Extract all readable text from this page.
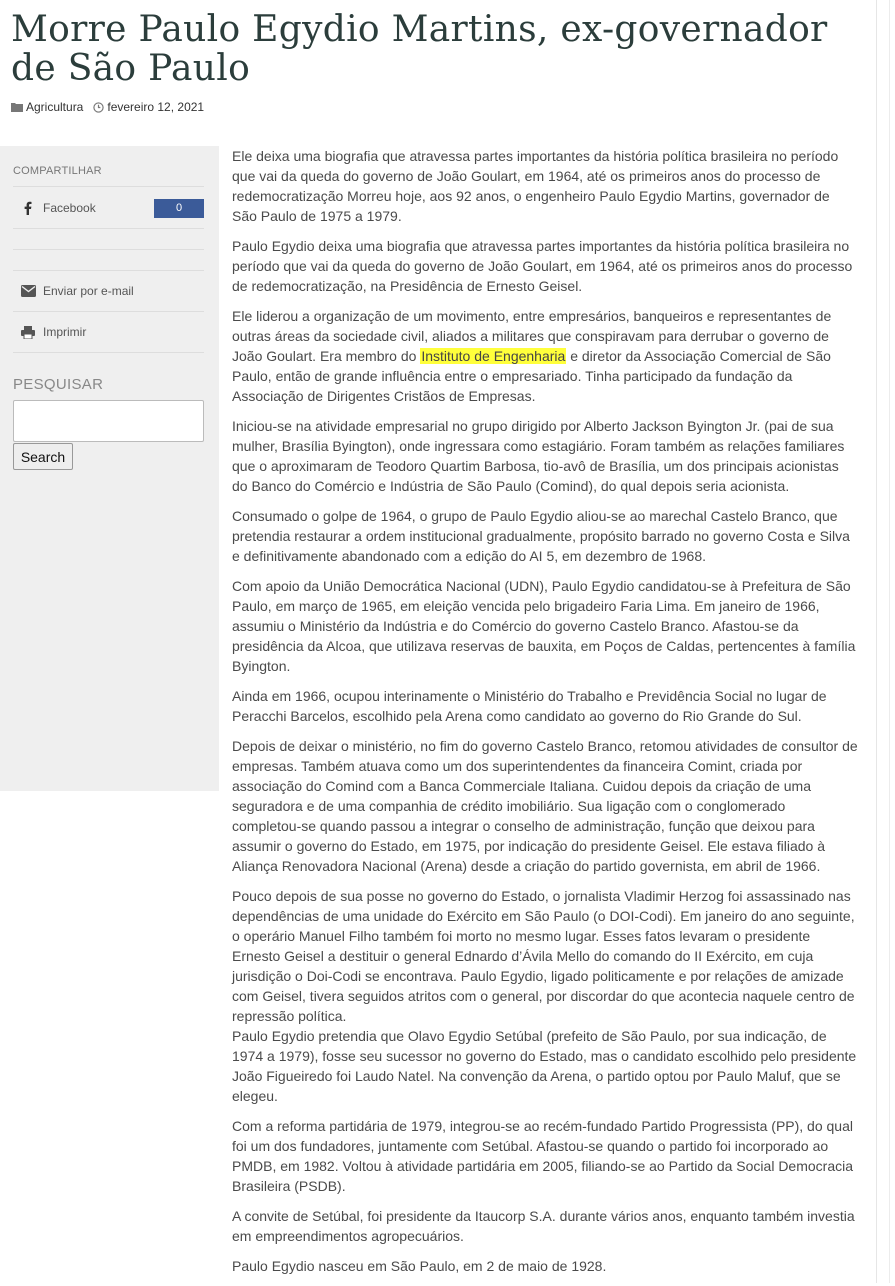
Morre Paulo Egydio Martins, ex-governador de São Paulo
Agricultura fevereiro 12, 2021
COMPARTILHAR
Facebook	0
Enviar por e-mail
Imprimir
PESQUISAR
Search

Ele deixa uma biografia que atravessa partes importantes da história política brasileira no período que vai da queda do governo de João Goulart, em 1964, até os primeiros anos do processo de redemocratização Morreu hoje, aos 92 anos, o engenheiro Paulo Egydio Martins, governador de São Paulo de 1975 a 1979.

Paulo Egydio deixa uma biografia que atravessa partes importantes da história política brasileira no período que vai da queda do governo de João Goulart, em 1964, até os primeiros anos do processo de redemocratização, na Presidência de Ernesto Geisel.

Ele liderou a organização de um movimento, entre empresários, banqueiros e representantes de outras áreas da sociedade civil, aliados a militares que conspiravam para derrubar o governo de João Goulart. Era membro do Instituto de Engenharia e diretor da Associação Comercial de São Paulo, então de grande influência entre o empresariado. Tinha participado da fundação da Associação de Dirigentes Cristãos de Empresas.

Iniciou-se na atividade empresarial no grupo dirigido por Alberto Jackson Byington Jr. (pai de sua mulher, Brasília Byington), onde ingressara como estagiário. Foram também as relações familiares que o aproximaram de Teodoro Quartim Barbosa, tio-avô de Brasília, um dos principais acionistas do Banco do Comércio e Indústria de São Paulo (Comind), do qual depois seria acionista.

Consumado o golpe de 1964, o grupo de Paulo Egydio aliou-se ao marechal Castelo Branco, que pretendia restaurar a ordem institucional gradualmente, propósito barrado no governo Costa e Silva e definitivamente abandonado com a edição do AI 5, em dezembro de 1968.

Com apoio da União Democrática Nacional (UDN), Paulo Egydio candidatou-se à Prefeitura de São Paulo, em março de 1965, em eleição vencida pelo brigadeiro Faria Lima. Em janeiro de 1966, assumiu o Ministério da Indústria e do Comércio do governo Castelo Branco. Afastou-se da presidência da Alcoa, que utilizava reservas de bauxita, em Poços de Caldas, pertencentes à família Byington.

Ainda em 1966, ocupou interinamente o Ministério do Trabalho e Previdência Social no lugar de Peracchi Barcelos, escolhido pela Arena como candidato ao governo do Rio Grande do Sul.

Depois de deixar o ministério, no fim do governo Castelo Branco, retomou atividades de consultor de empresas. Também atuava como um dos superintendentes da financeira Comint, criada por associação do Comind com a Banca Commerciale Italiana. Cuidou depois da criação de uma seguradora e de uma companhia de crédito imobiliário. Sua ligação com o conglomerado completou-se quando passou a integrar o conselho de administração, função que deixou para assumir o governo do Estado, em 1975, por indicação do presidente Geisel. Ele estava filiado à Aliança Renovadora Nacional (Arena) desde a criação do partido governista, em abril de 1966.

Pouco depois de sua posse no governo do Estado, o jornalista Vladimir Herzog foi assassinado nas dependências de uma unidade do Exército em São Paulo (o DOI-Codi). Em janeiro do ano seguinte, o operário Manuel Filho também foi morto no mesmo lugar. Esses fatos levaram o presidente Ernesto Geisel a destituir o general Ednardo d’Ávila Mello do comando do II Exército, em cuja jurisdição o Doi-Codi se encontrava. Paulo Egydio, ligado politicamente e por relações de amizade com Geisel, tivera seguidos atritos com o general, por discordar do que acontecia naquele centro de repressão política.

Paulo Egydio pretendia que Olavo Egydio Setúbal (prefeito de São Paulo, por sua indicação, de 1974 a 1979), fosse seu sucessor no governo do Estado, mas o candidato escolhido pelo presidente João Figueiredo foi Laudo Natel. Na convenção da Arena, o partido optou por Paulo Maluf, que se elegeu.

Com a reforma partidária de 1979, integrou-se ao recém-fundado Partido Progressista (PP), do qual foi um dos fundadores, juntamente com Setúbal. Afastou-se quando o partido foi incorporado ao PMDB, em 1982. Voltou à atividade partidária em 2005, filiando-se ao Partido da Social Democracia Brasileira (PSDB).

A convite de Setúbal, foi presidente da Itaucorp S.A. durante vários anos, enquanto também investia em empreendimentos agropecuários.

Paulo Egydio nasceu em São Paulo, em 2 de maio de 1928.
